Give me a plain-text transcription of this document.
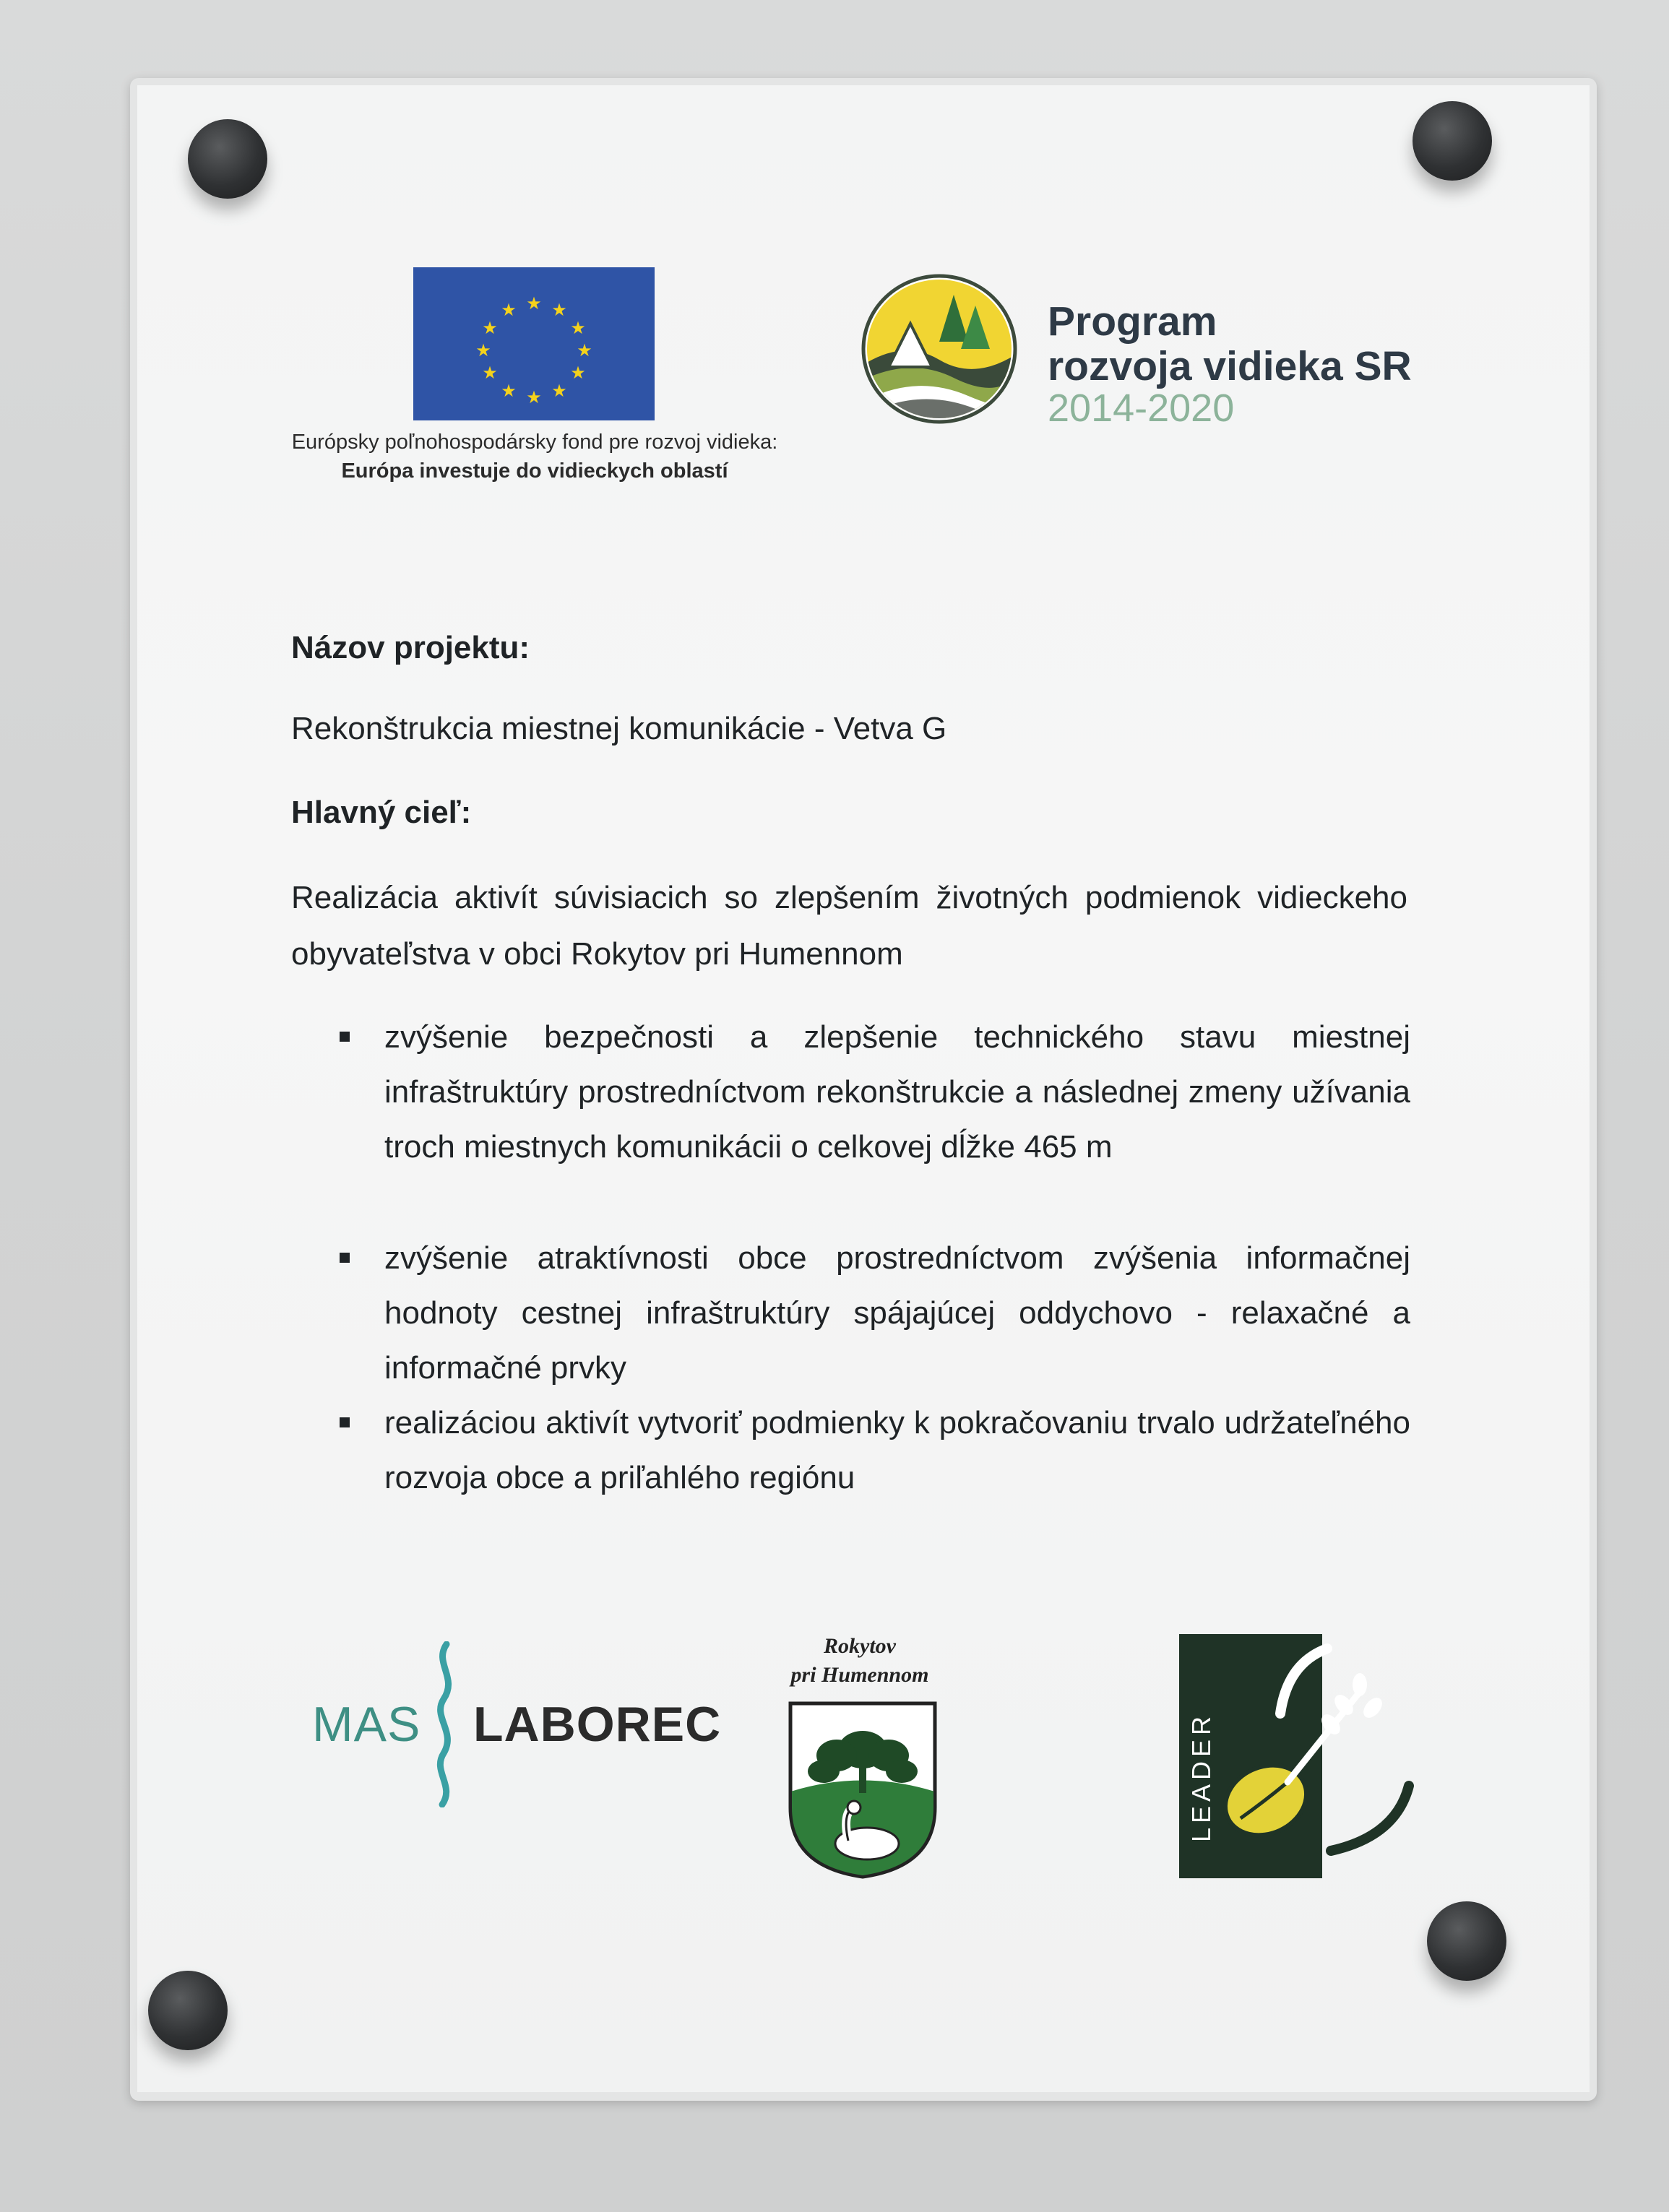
★ ★
★
★
★
★
★
★
★
★
★
★
Európsky poľnohospodársky fond pre rozvoj vidieka:
Európa investuje do vidieckych oblastí
Program
rozvoja vidieka SR
2014-2020
Názov projektu:
Rekonštrukcia miestnej komunikácie - Vetva G
Hlavný cieľ:
Realizácia aktivít súvisiacich so zlepšením životných podmienok vidieckeho obyvateľstva v obci Rokytov pri Humennom
zvýšenie bezpečnosti a zlepšenie technického stavu miestnej infraštruktúry prostredníctvom rekonštrukcie a následnej zmeny užívania troch miestnych komunikácii o celkovej dĺžke 465 m
zvýšenie atraktívnosti obce prostredníctvom zvýšenia informačnej hodnoty cestnej infraštruktúry spájajúcej oddychovo - relaxačné a informačné prvky
realizáciou aktivít vytvoriť podmienky k pokračovaniu trvalo udržateľného rozvoja obce a priľahlého regiónu
MAS LABOREC
Rokytov
pri Humennom
LEADER
